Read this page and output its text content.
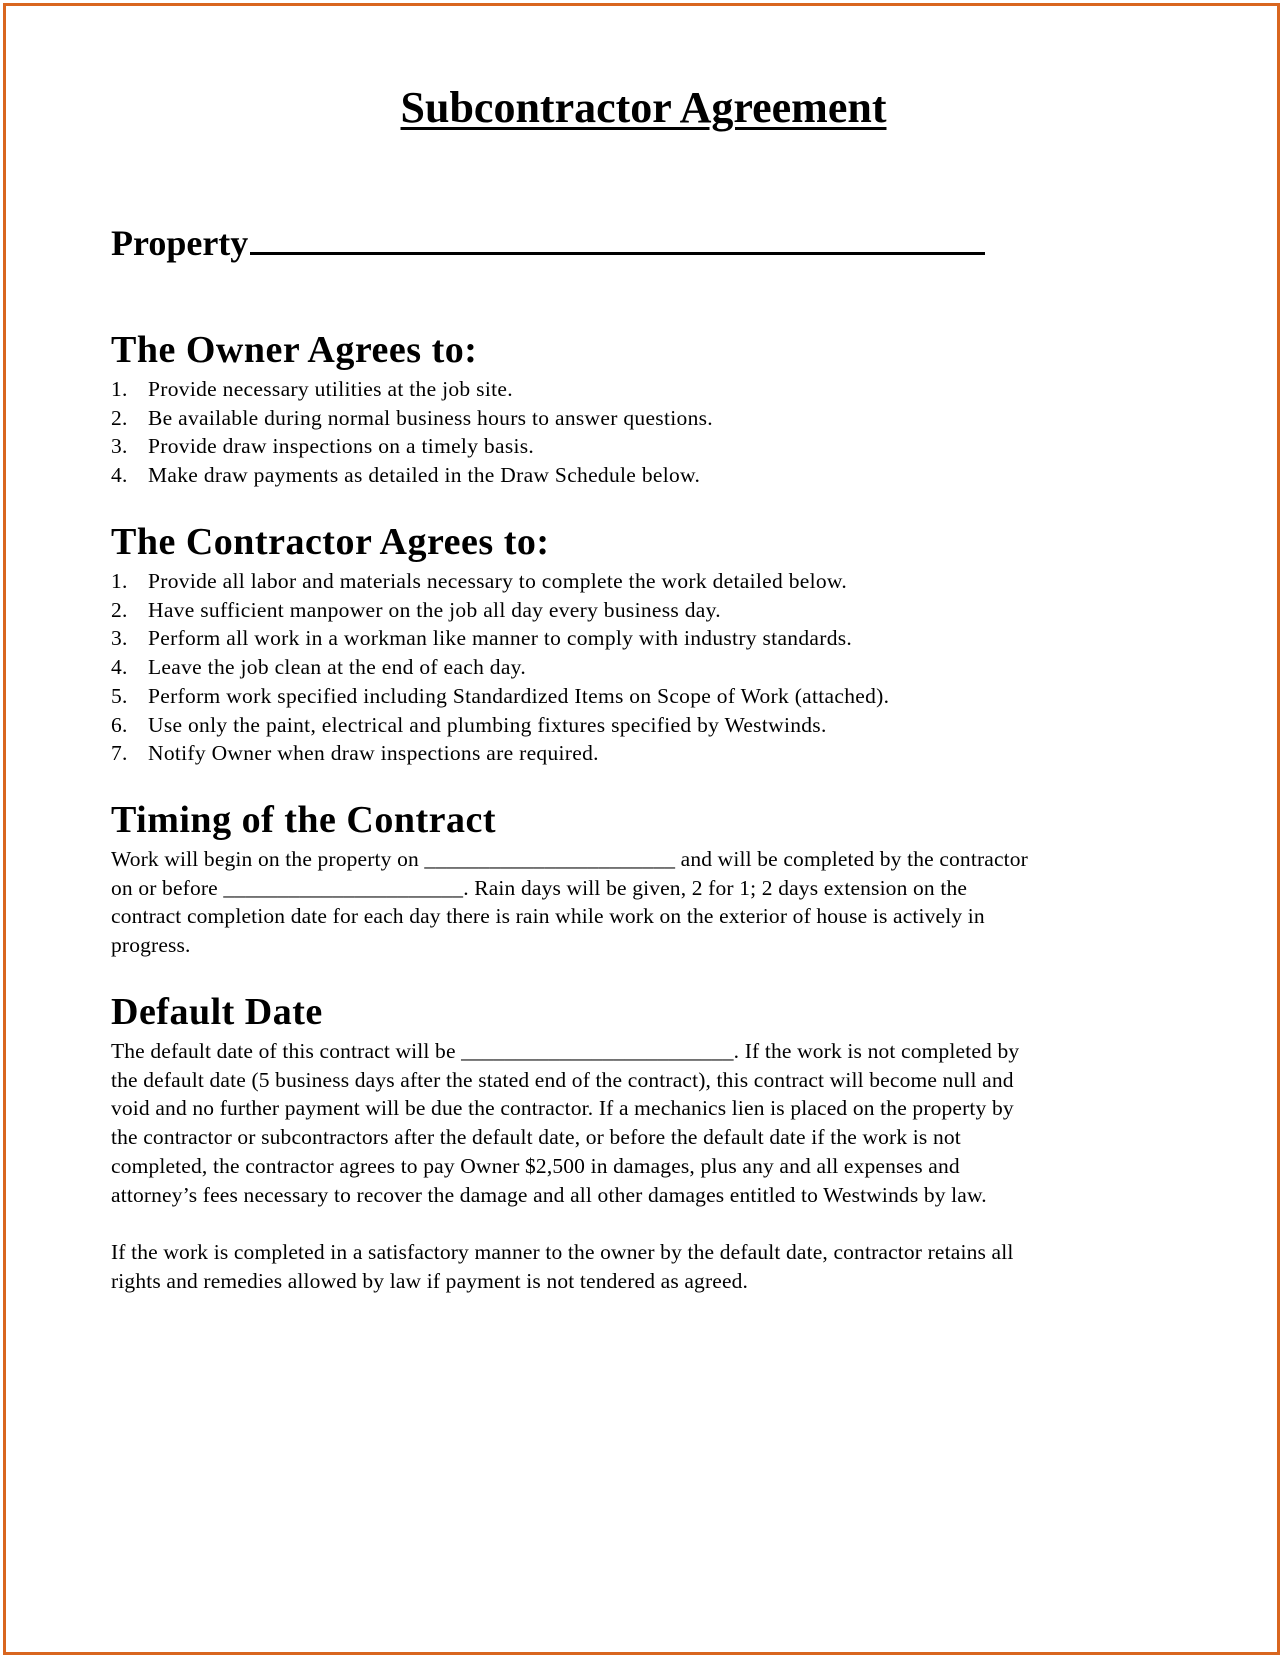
Subcontractor Agreement
Property
The Owner Agrees to:
1. Provide necessary utilities at the job site.
2. Be available during normal business hours to answer questions.
3. Provide draw inspections on a timely basis.
4. Make draw payments as detailed in the Draw Schedule below.
The Contractor Agrees to:
1. Provide all labor and materials necessary to complete the work detailed below.
2. Have sufficient manpower on the job all day every business day.
3. Perform all work in a workman like manner to comply with industry standards.
4. Leave the job clean at the end of each day.
5. Perform work specified including Standardized Items on Scope of Work (attached).
6. Use only the paint, electrical and plumbing fixtures specified by Westwinds.
7. Notify Owner when draw inspections are required.
Timing of the Contract

Work will begin on the property on _______________________ and will be completed by the contractor
on or before ______________________. Rain days will be given, 2 for 1; 2 days extension on the
contract completion date for each day there is rain while work on the exterior of house is actively in
progress.

Default Date

The default date of this contract will be _________________________. If the work is not completed by
the default date (5 business days after the stated end of the contract), this contract will become null and
void and no further payment will be due the contractor. If a mechanics lien is placed on the property by
the contractor or subcontractors after the default date, or before the default date if the work is not
completed, the contractor agrees to pay Owner $2,500 in damages, plus any and all expenses and
attorney’s fees necessary to recover the damage and all other damages entitled to Westwinds by law.

If the work is completed in a satisfactory manner to the owner by the default date, contractor retains all
rights and remedies allowed by law if payment is not tendered as agreed.
